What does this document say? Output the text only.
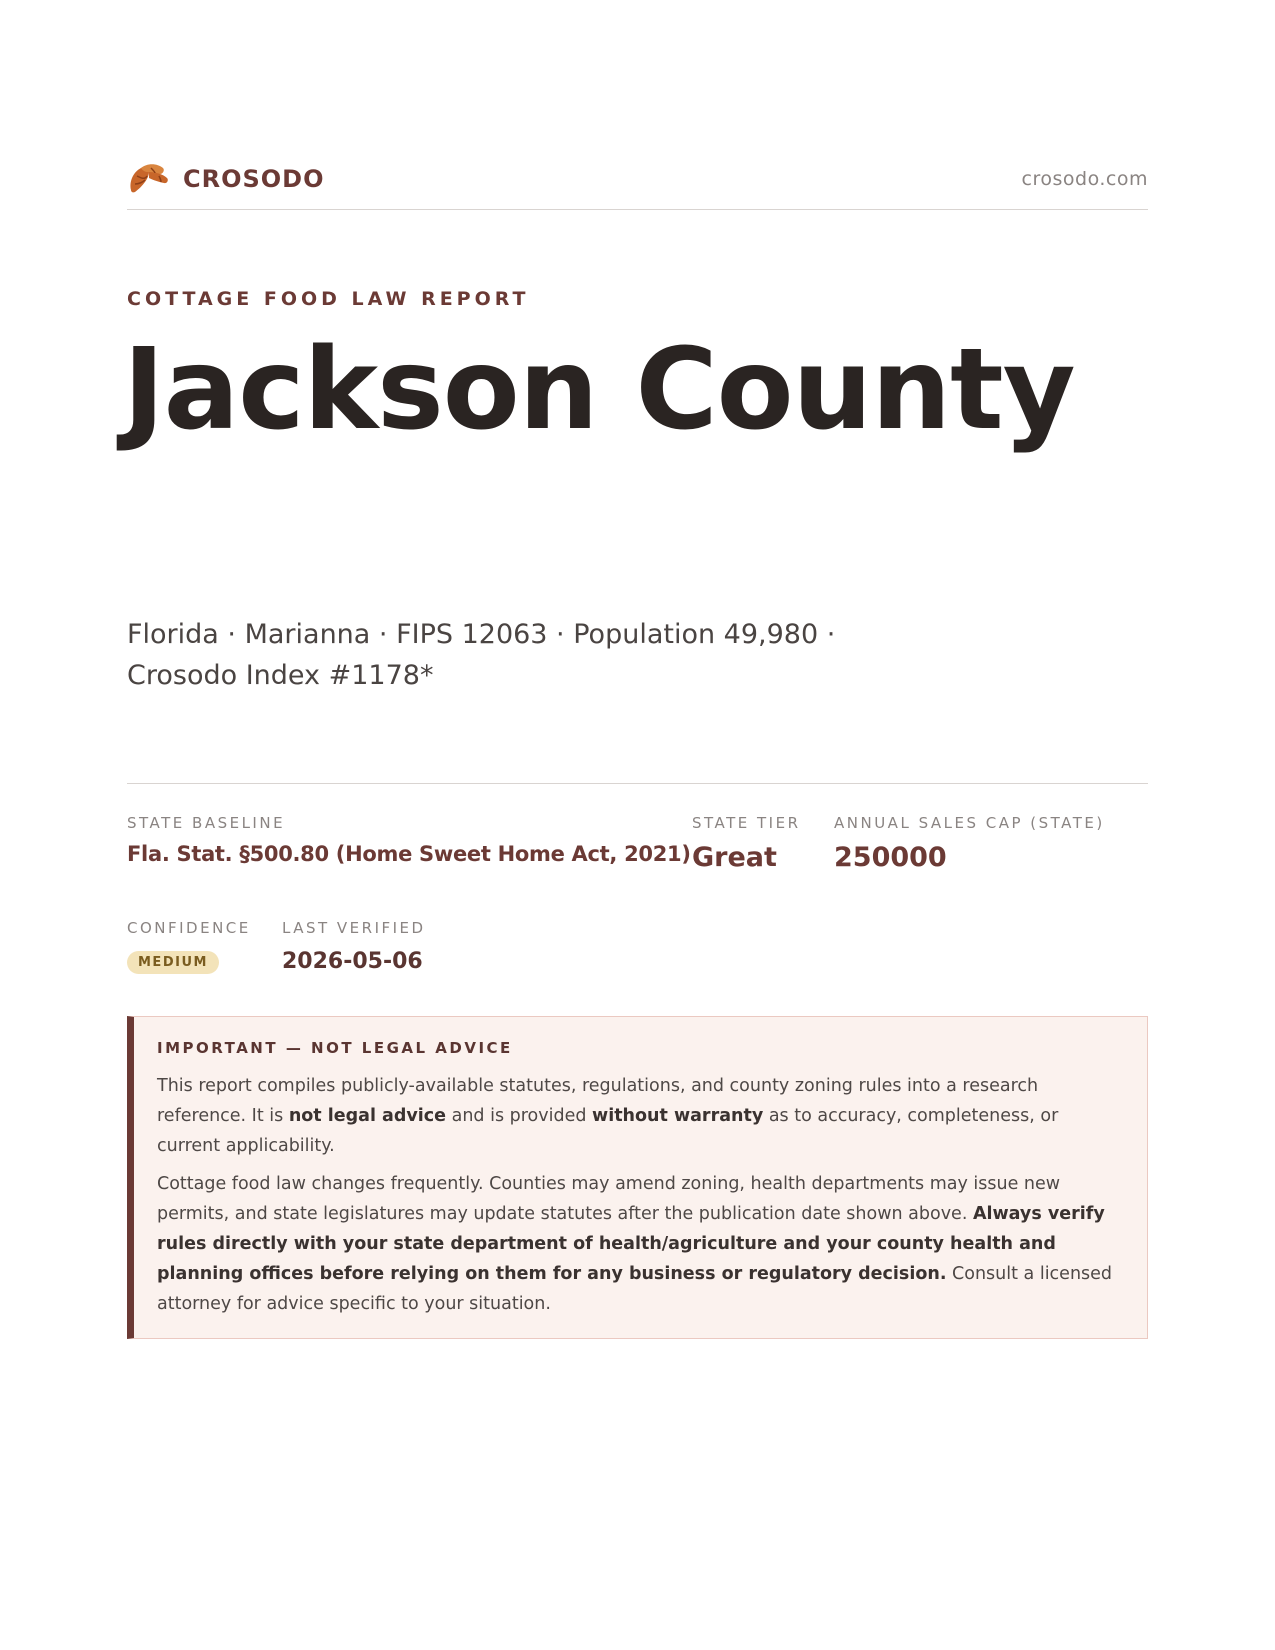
CROSODO	crosodo.com
COTTAGE FOOD LAW REPORT
Jackson County
Florida · Marianna · FIPS 12063 · Population 49,980 · Crosodo Index #1178*
STATE BASELINE
Fla. Stat. §500.80 (Home Sweet Home Act, 2021)
STATE TIER
Great
ANNUAL SALES CAP (STATE)
250000
CONFIDENCE
MEDIUM
LAST VERIFIED
2026-05-06
IMPORTANT — NOT LEGAL ADVICE

This report compiles publicly-available statutes, regulations, and county zoning rules into a research reference. It is not legal advice and is provided without warranty as to accuracy, completeness, or current applicability.

Cottage food law changes frequently. Counties may amend zoning, health departments may issue new permits, and state legislatures may update statutes after the publication date shown above. Always verify rules directly with your state department of health/agriculture and your county health and planning offices before relying on them for any business or regulatory decision. Consult a licensed attorney for advice specific to your situation.
